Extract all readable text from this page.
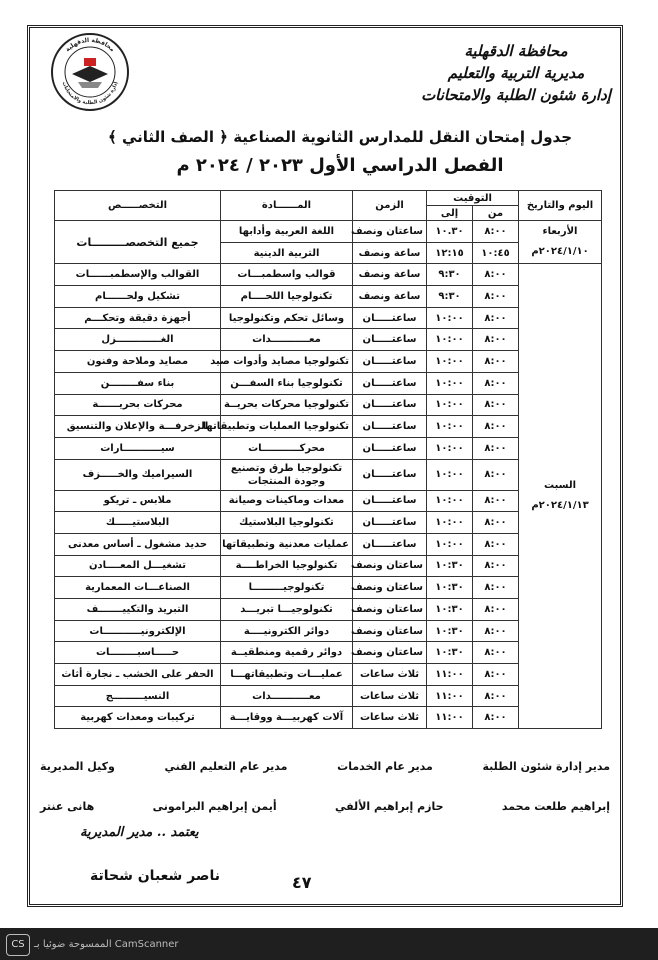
محافظة الدقهلية
إدارة شئون الطلبة والامتحانات
محافظة الدقهلية
مديرية التربية والتعليم
إدارة شئون الطلبة والامتحانات
جدول إمتحان النقل للمدارس الثانوية الصناعية ﴿ الصف الثاني ﴾
الفصل الدراسي الأول ٢٠٢٣ / ٢٠٢٤ م
اليوم والتاريخ	التوقيت		الزمن	المــــــادة	التخصـــــص
	من	إلى			

الأربعاء
٢٠٢٤/١/١٠م	٨:٠٠	١٠.٣٠	ساعتان ونصف	اللغة العربية وأدابها	جميع التخصصـــــــــات
	١٠:٤٥	١٢:١٥	ساعة ونصف	التربية الدينية	

السبت
٢٠٢٤/١/١٣م	٨:٠٠	٩:٣٠	ساعة ونصف	قوالب واسطمبـــات	القوالب والإسطمبــــــات
	٨:٠٠	٩:٣٠	ساعة ونصف	تكنولوجيا اللحــــام	تشكيل ولحــــــام
	٨:٠٠	١٠:٠٠	ساعتـــــان	وسائل تحكم وتكنولوجيا	أجهزة دقيقة وتحكـــم
	٨:٠٠	١٠:٠٠	ساعتـــــان	معـــــــــــدات	الغـــــــــــــزل
	٨:٠٠	١٠:٠٠	ساعتـــــان	تكنولوجيا مصايد وأدوات صيد	مصايد وملاحة وفنون
	٨:٠٠	١٠:٠٠	ساعتـــــان	تكنولوجيا بناء السفـــن	بناء سفــــــــن
	٨:٠٠	١٠:٠٠	ساعتـــــان	تكنولوجيا محركات بحريــة	محركات بحريــــــة
	٨:٠٠	١٠:٠٠	ساعتـــــان	تكنولوجيا العمليات وتطبيقاتها	الزخرفـــة والإعلان والتنسيق
	٨:٠٠	١٠:٠٠	ساعتـــــان	محركـــــــــــات	سيـــــــــــارات
	٨:٠٠	١٠:٠٠	ساعتـــــان	تكنولوجيا طرق وتصنيع وجودة المنتجات	السيراميك والخـــــزف
	٨:٠٠	١٠:٠٠	ساعتـــــان	معدات وماكينات وصيانة	ملابس ـ تريكو
	٨:٠٠	١٠:٠٠	ساعتـــــان	تكنولوجيا البلاستيك	البلاستيـــــك
	٨:٠٠	١٠:٠٠	ساعتـــــان	عمليات معدنية وتطبيقاتها	حديد مشغول ـ أساس معدنى
	٨:٠٠	١٠:٣٠	ساعتان ونصف	تكنولوجيا الخراطــــة	تشغيـــل المعــــادن
	٨:٠٠	١٠:٣٠	ساعتان ونصف	تكنولوجيـــــــــا	الصناعـــات المعمارية
	٨:٠٠	١٠:٣٠	ساعتان ونصف	تكنولوجيـــا تبريـــد	التبريد والتكييـــــــف
	٨:٠٠	١٠:٣٠	ساعتان ونصف	دوائر الكترونيــــة	الإلكترونيـــــــــــات
	٨:٠٠	١٠:٣٠	ساعتان ونصف	دوائر رقمية ومنطقيــة	حـــــاسبــــــــات
	٨:٠٠	١١:٠٠	ثلاث ساعات	عمليـــات وتطبيقاتهـــا	الحفر على الخشب ـ نجارة أثاث
	٨:٠٠	١١:٠٠	ثلاث ساعات	معـــــــــــدات	النسيـــــــــج
	٨:٠٠	١١:٠٠	ثلاث ساعات	آلات كهربيـــة ووقايـــة	تركيبات ومعدات كهربية
مدير إدارة شئون الطلبة
مدير عام الخدمات
مدير عام التعليم الفني
وكيل المديرية
إبراهيم طلعت محمد
حازم إبراهيم الألفي
أيمن إبراهيم البرامونى
هانى عنتر
يعتمد .. مدير المديرية
ناصر شعبان شحاتة	٤٧
CS الممسوحة ضوئيا بـ CamScanner
